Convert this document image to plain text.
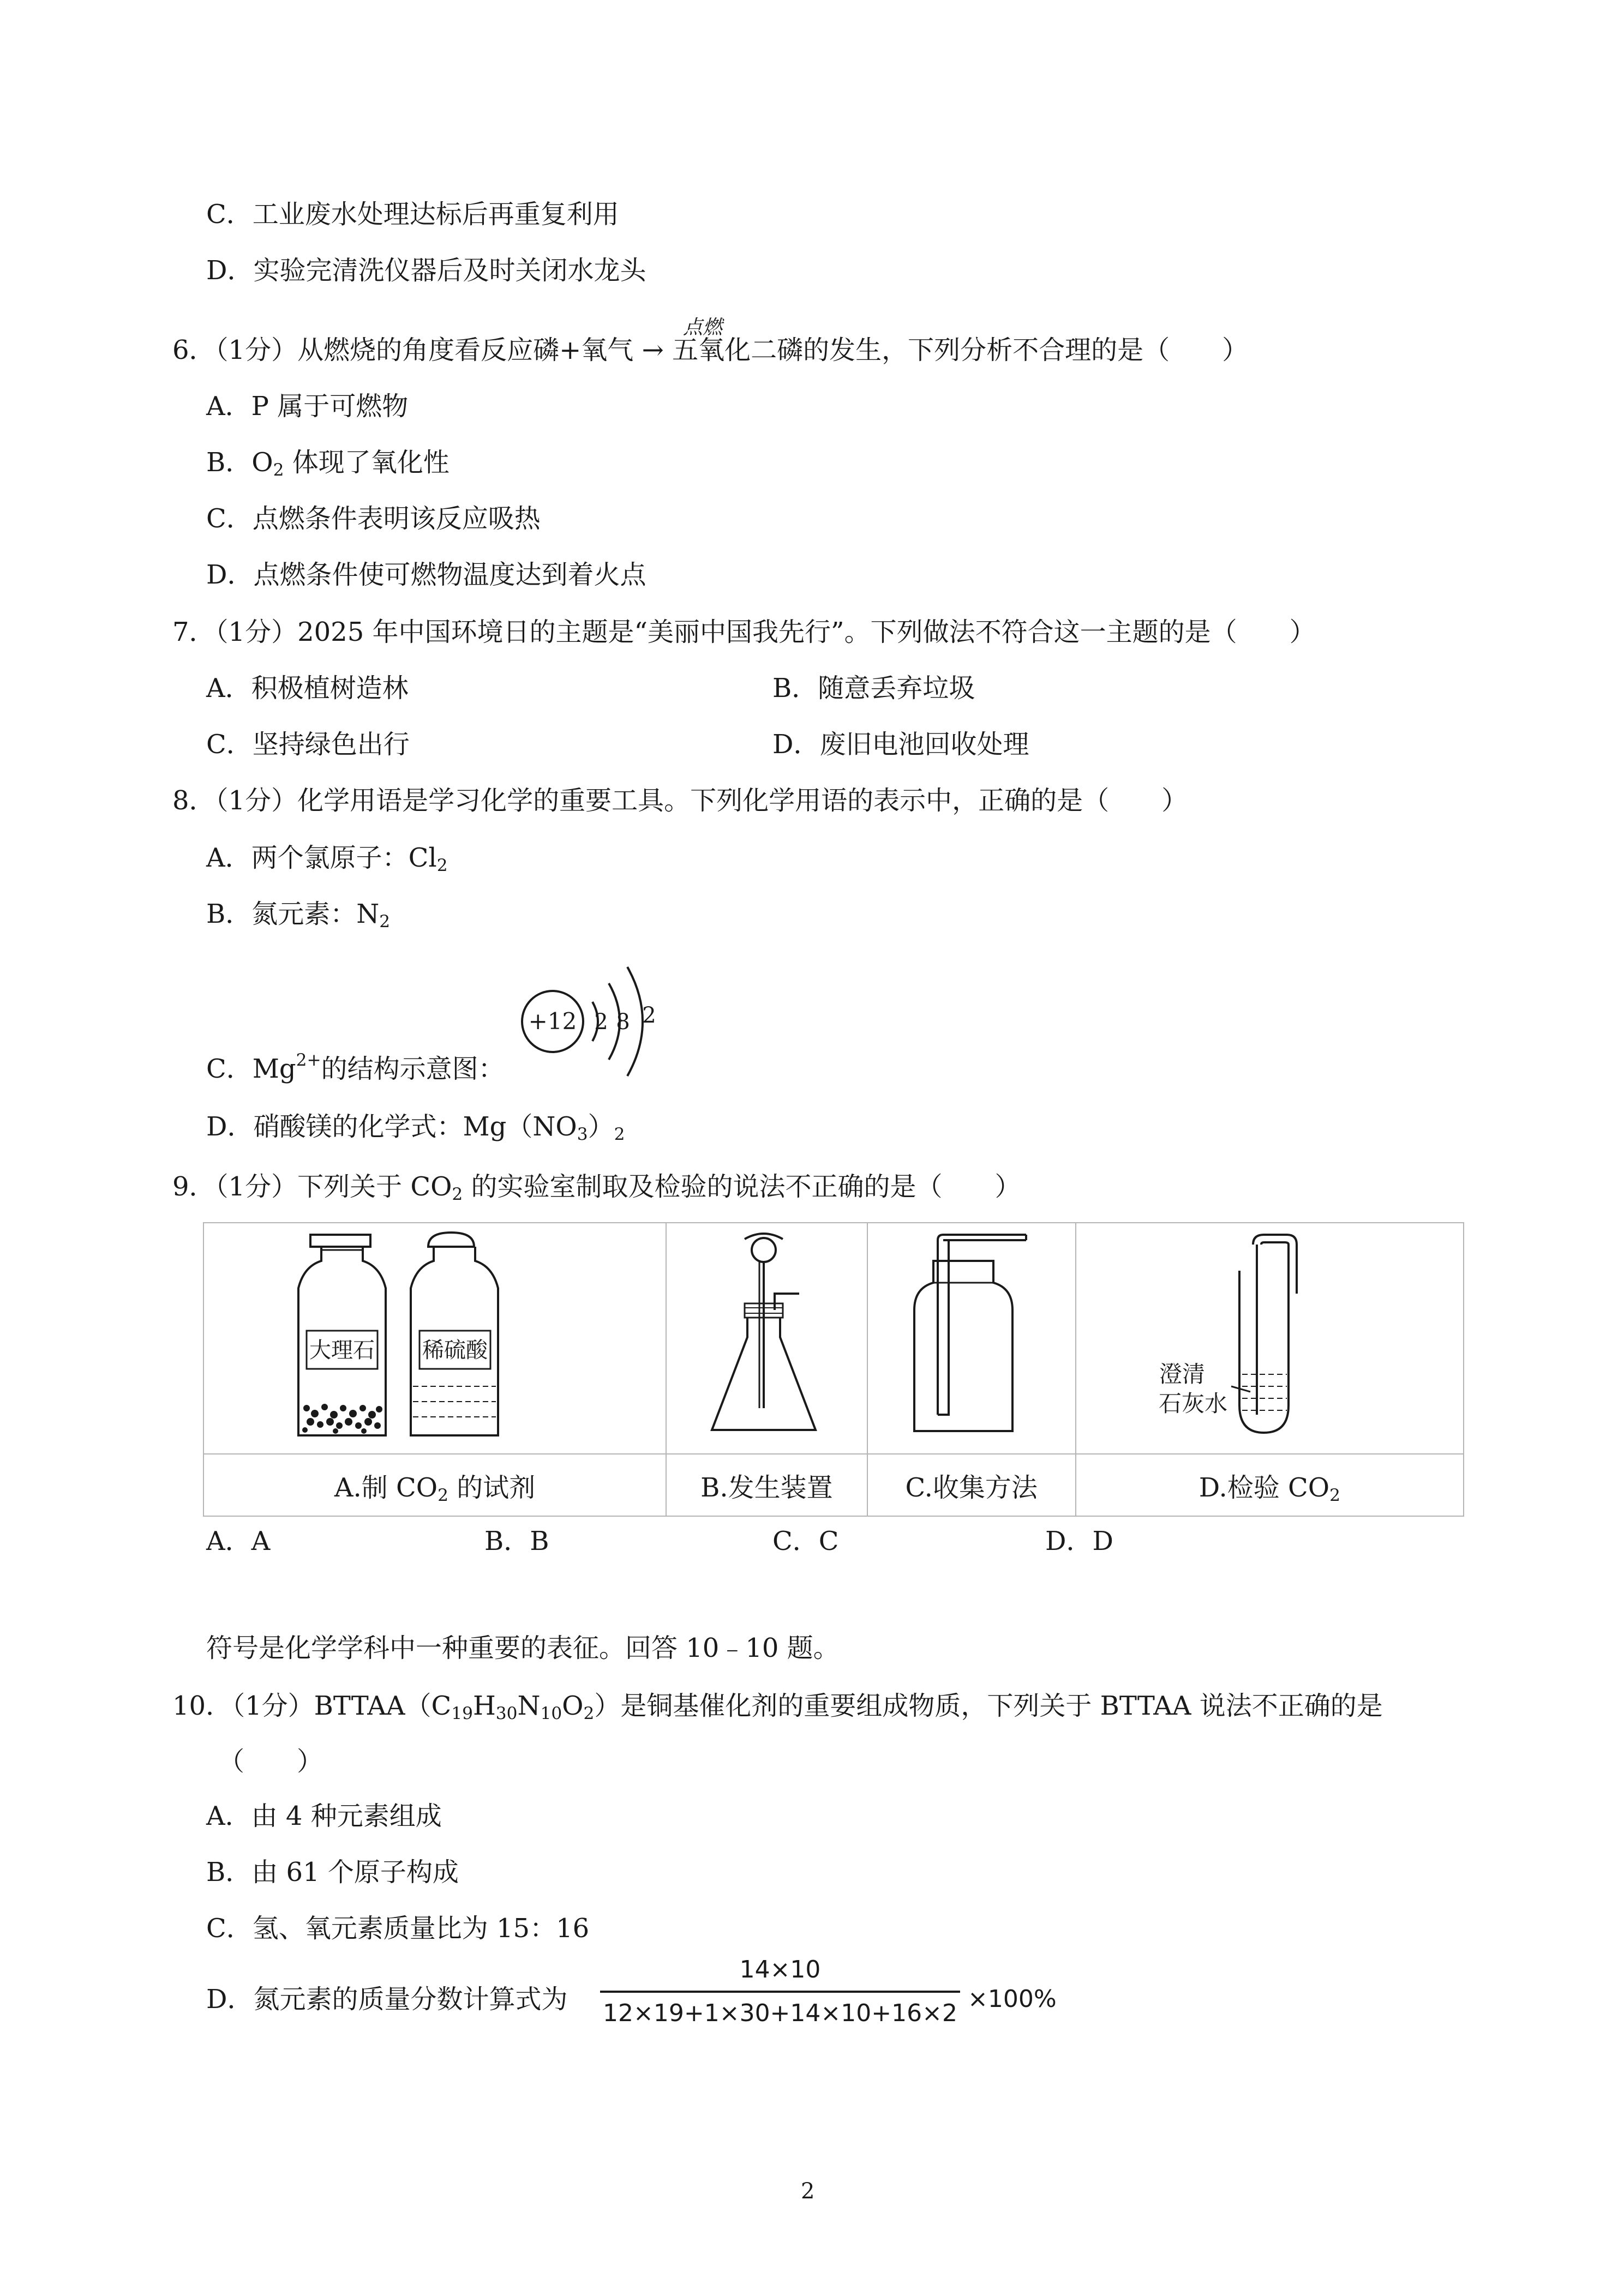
C．工业废水处理达标后再重复利用
D．实验完清洗仪器后及时关闭水龙头
点燃
6．（1分）从燃烧的角度看反应磷+氧气 → 五氧化二磷的发生，下列分析不合理的是（　　）
A．P 属于可燃物
B．$O_2$ 体现了氧化性
C．点燃条件表明该反应吸热
D．点燃条件使可燃物温度达到着火点
7．（1分）2025 年中国环境日的主题是“美丽中国我先行”。下列做法不符合这一主题的是（　　）
A．积极植树造林	B．随意丢弃垃圾
C．坚持绿色出行	D．废旧电池回收处理
8．（1分）化学用语是学习化学的重要工具。下列化学用语的表示中，正确的是（　　）
A．两个氯原子：$Cl_2$
B．氮元素：$N_2$
+12 2 8 2
C．$Mg^{2+}$的结构示意图：
D．硝酸镁的化学式：$Mg(NO_3)_2$
9．（1分）下列关于 $CO_2$ 的实验室制取及检验的说法不正确的是（　　）
大理石 稀硫酸			澄清
石灰水

A.制 $CO_2$ 的试剂	B.发生装置	C.收集方法	D.检验 $CO_2$
A．A	B．B	C．C	D．D
符号是化学学科中一种重要的表征。回答 10﹣10 题。
10．（1分）$BTTAA(C_{19}H_{30}N_{10}O_2)$是铜基催化剂的重要组成物质，下列关于 BTTAA 说法不正确的是
（　　）
A．由 4 种元素组成
B．由 61 个原子构成
C．氢、氧元素质量比为 15：16
D．氮元素的质量分数计算式为
14×10
12×19+1×30+14×10+16×2
×100%
2
